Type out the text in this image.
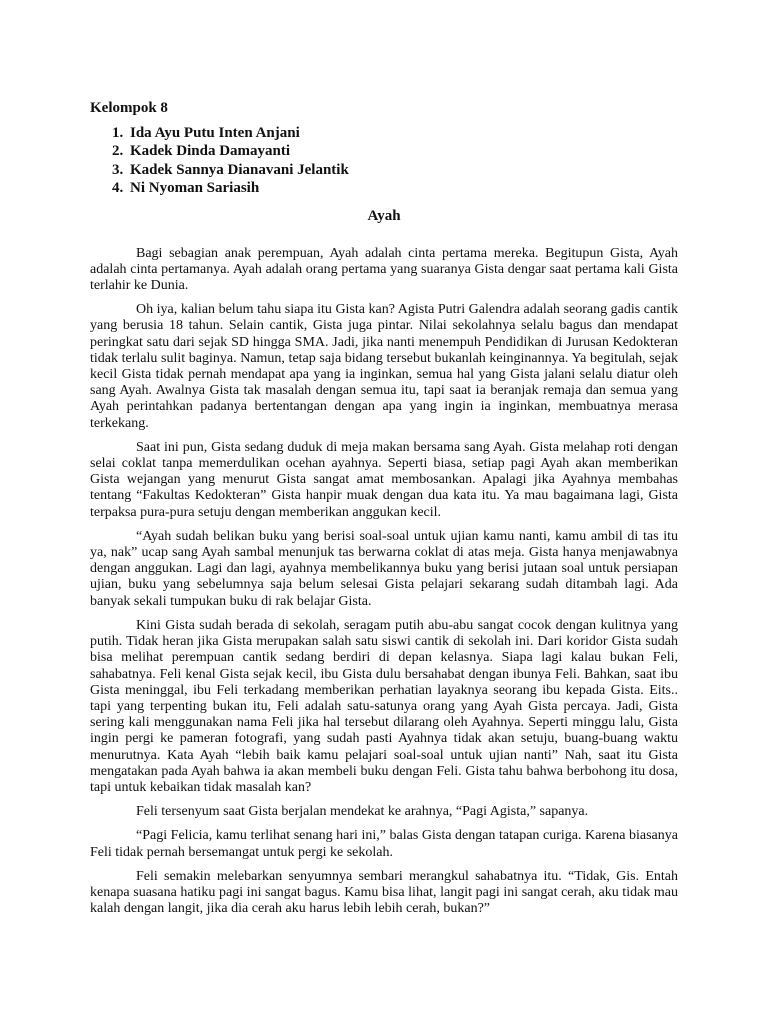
Kelompok 8
1. Ida Ayu Putu Inten Anjani
2. Kadek Dinda Damayanti
3. Kadek Sannya Dianavani Jelantik
4. Ni Nyoman Sariasih
Ayah

Bagi sebagian anak perempuan, Ayah adalah cinta pertama mereka. Begitupun Gista, Ayah adalah cinta pertamanya. Ayah adalah orang pertama yang suaranya Gista dengar saat pertama kali Gista terlahir ke Dunia.

Oh iya, kalian belum tahu siapa itu Gista kan? Agista Putri Galendra adalah seorang gadis cantik yang berusia 18 tahun. Selain cantik, Gista juga pintar. Nilai sekolahnya selalu bagus dan mendapat peringkat satu dari sejak SD hingga SMA. Jadi, jika nanti menempuh Pendidikan di Jurusan Kedokteran tidak terlalu sulit baginya. Namun, tetap saja bidang tersebut bukanlah keinginannya. Ya begitulah, sejak kecil Gista tidak pernah mendapat apa yang ia inginkan, semua hal yang Gista jalani selalu diatur oleh sang Ayah. Awalnya Gista tak masalah dengan semua itu, tapi saat ia beranjak remaja dan semua yang Ayah perintahkan padanya bertentangan dengan apa yang ingin ia inginkan, membuatnya merasa terkekang.

Saat ini pun, Gista sedang duduk di meja makan bersama sang Ayah. Gista melahap roti dengan selai coklat tanpa memerdulikan ocehan ayahnya. Seperti biasa, setiap pagi Ayah akan memberikan Gista wejangan yang menurut Gista sangat amat membosankan. Apalagi jika Ayahnya membahas tentang “Fakultas Kedokteran” Gista hanpir muak dengan dua kata itu. Ya mau bagaimana lagi, Gista terpaksa pura-pura setuju dengan memberikan anggukan kecil.

“Ayah sudah belikan buku yang berisi soal-soal untuk ujian kamu nanti, kamu ambil di tas itu ya, nak” ucap sang Ayah sambal menunjuk tas berwarna coklat di atas meja. Gista hanya menjawabnya dengan anggukan. Lagi dan lagi, ayahnya membelikannya buku yang berisi jutaan soal untuk persiapan ujian, buku yang sebelumnya saja belum selesai Gista pelajari sekarang sudah ditambah lagi. Ada banyak sekali tumpukan buku di rak belajar Gista.

Kini Gista sudah berada di sekolah, seragam putih abu-abu sangat cocok dengan kulitnya yang putih. Tidak heran jika Gista merupakan salah satu siswi cantik di sekolah ini. Dari koridor Gista sudah bisa melihat perempuan cantik sedang berdiri di depan kelasnya. Siapa lagi kalau bukan Feli, sahabatnya. Feli kenal Gista sejak kecil, ibu Gista dulu bersahabat dengan ibunya Feli. Bahkan, saat ibu Gista meninggal, ibu Feli terkadang memberikan perhatian layaknya seorang ibu kepada Gista. Eits.. tapi yang terpenting bukan itu, Feli adalah satu-satunya orang yang Ayah Gista percaya. Jadi, Gista sering kali menggunakan nama Feli jika hal tersebut dilarang oleh Ayahnya. Seperti minggu lalu, Gista ingin pergi ke pameran fotografi, yang sudah pasti Ayahnya tidak akan setuju, buang-buang waktu menurutnya. Kata Ayah “lebih baik kamu pelajari soal-soal untuk ujian nanti” Nah, saat itu Gista mengatakan pada Ayah bahwa ia akan membeli buku dengan Feli. Gista tahu bahwa berbohong itu dosa, tapi untuk kebaikan tidak masalah kan?

Feli tersenyum saat Gista berjalan mendekat ke arahnya, “Pagi Agista,” sapanya.

“Pagi Felicia, kamu terlihat senang hari ini,” balas Gista dengan tatapan curiga. Karena biasanya Feli tidak pernah bersemangat untuk pergi ke sekolah.

Feli semakin melebarkan senyumnya sembari merangkul sahabatnya itu. “Tidak, Gis. Entah kenapa suasana hatiku pagi ini sangat bagus. Kamu bisa lihat, langit pagi ini sangat cerah, aku tidak mau kalah dengan langit, jika dia cerah aku harus lebih lebih cerah, bukan?”
